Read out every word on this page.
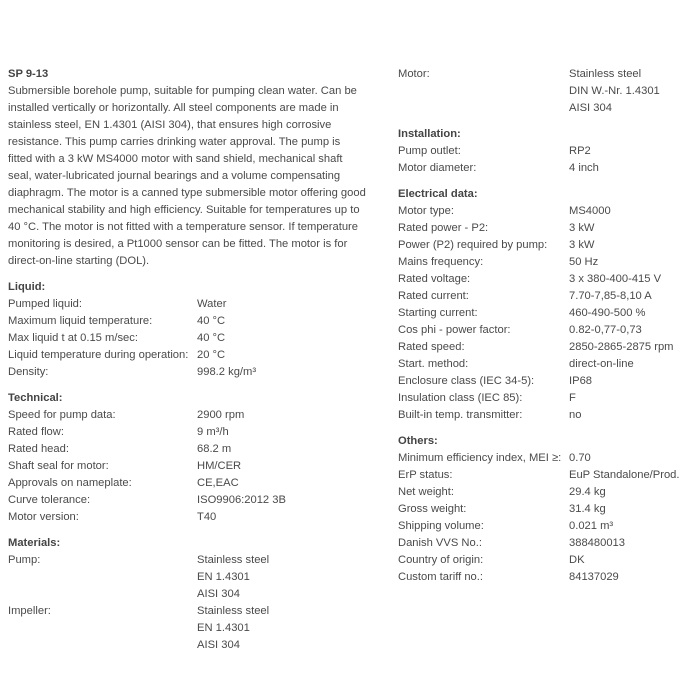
SP 9-13

Submersible borehole pump, suitable for pumping clean water. Can be installed vertically or horizontally. All steel components are made in stainless steel, EN 1.4301 (AISI 304), that ensures high corrosive resistance. This pump carries drinking water approval. The pump is fitted with a 3 kW MS4000 motor with sand shield, mechanical shaft seal, water-lubricated journal bearings and a volume compensating diaphragm. The motor is a canned type submersible motor offering good mechanical stability and high efficiency. Suitable for temperatures up to 40 °C. The motor is not fitted with a temperature sensor. If temperature monitoring is desired, a Pt1000 sensor can be fitted. The motor is for direct-on-line starting (DOL).

Liquid:
Pumped liquid:	Water
Maximum liquid temperature:	40 °C
Max liquid t at 0.15 m/sec:	40 °C
Liquid temperature during operation: 20 °C
Density:	998.2 kg/m³
Technical:
Speed for pump data:	2900 rpm
Rated flow:	9 m³/h
Rated head:	68.2 m
Shaft seal for motor:	HM/CER
Approvals on nameplate:	CE,EAC
Curve tolerance:	ISO9906:2012 3B
Motor version:	T40
Materials:
Pump:	Stainless steel
EN 1.4301
AISI 304
Impeller:	Stainless steel
EN 1.4301
AISI 304
Motor:	Stainless steel
DIN W.-Nr. 1.4301
AISI 304
Installation:
Pump outlet:	RP2
Motor diameter:	4 inch
Electrical data:
Motor type:	MS4000
Rated power - P2:	3 kW
Power (P2) required by pump:	3 kW
Mains frequency:	50 Hz
Rated voltage:	3 x 380-400-415 V
Rated current:	7.70-7,85-8,10 A
Starting current:	460-490-500 %
Cos phi - power factor:	0.82-0,77-0,73
Rated speed:	2850-2865-2875 rpm
Start. method:	direct-on-line
Enclosure class (IEC 34-5):	IP68
Insulation class (IEC 85):	F
Built-in temp. transmitter:	no
Others:
Minimum efficiency index, MEI ≥: 0.70
ErP status:	EuP Standalone/Prod.
Net weight:	29.4 kg
Gross weight:	31.4 kg
Shipping volume:	0.021 m³
Danish VVS No.:	388480013
Country of origin:	DK
Custom tariff no.:	84137029
